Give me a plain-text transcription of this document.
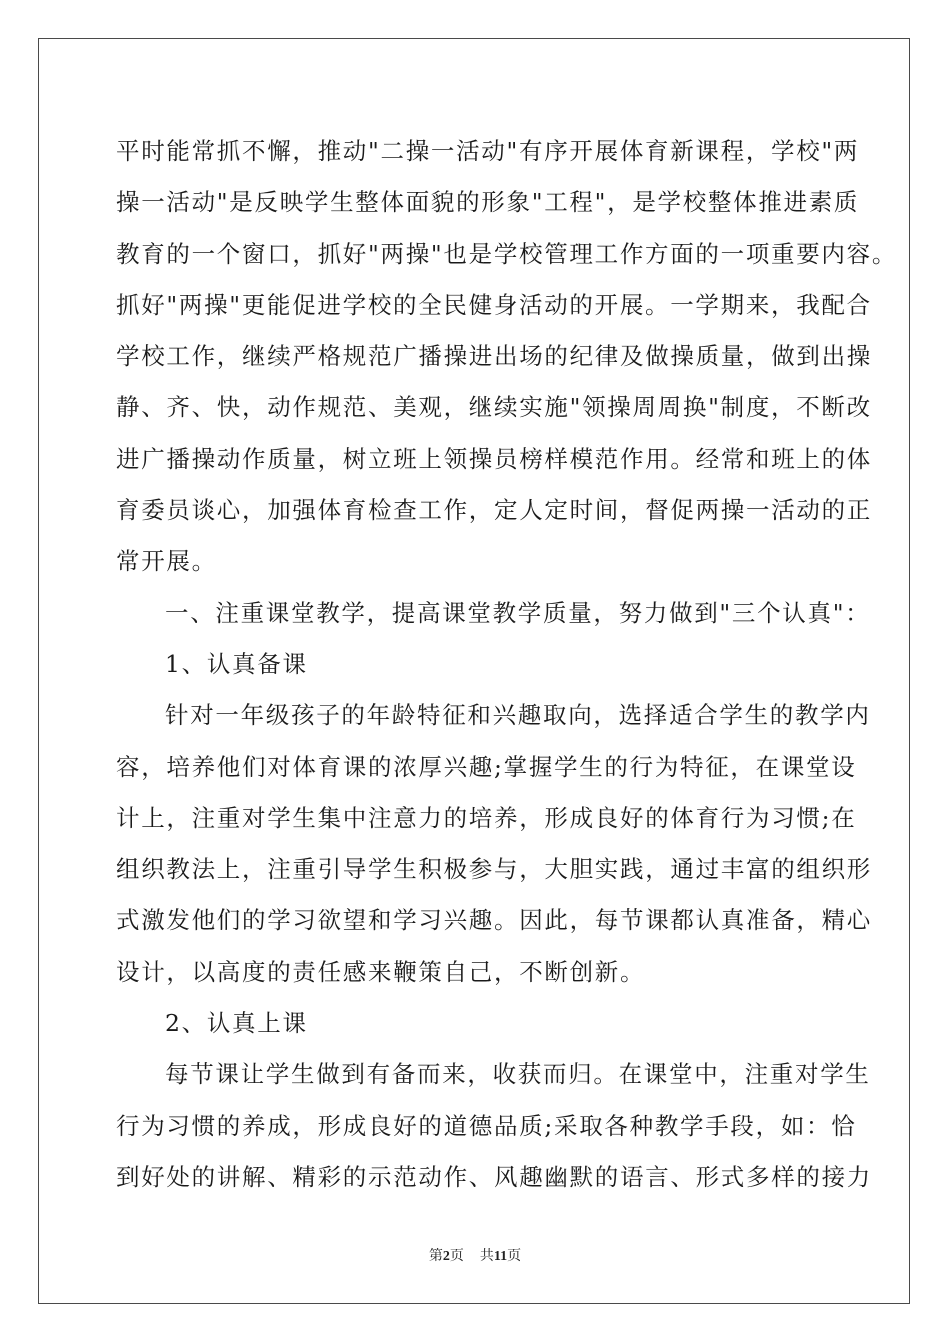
平时能常抓不懈，推动"二操一活动"有序开展体育新课程，学校"两
操一活动"是反映学生整体面貌的形象"工程"，是学校整体推进素质
教育的一个窗口，抓好"两操"也是学校管理工作方面的一项重要内容。
抓好"两操"更能促进学校的全民健身活动的开展。一学期来，我配合
学校工作，继续严格规范广播操进出场的纪律及做操质量，做到出操
静、齐、快，动作规范、美观，继续实施"领操周周换"制度，不断改
进广播操动作质量，树立班上领操员榜样模范作用。经常和班上的体
育委员谈心，加强体育检查工作，定人定时间，督促两操一活动的正
常开展。
一、注重课堂教学，提高课堂教学质量，努力做到"三个认真"：
1、认真备课
针对一年级孩子的年龄特征和兴趣取向，选择适合学生的教学内
容，培养他们对体育课的浓厚兴趣;掌握学生的行为特征，在课堂设
计上，注重对学生集中注意力的培养，形成良好的体育行为习惯;在
组织教法上，注重引导学生积极参与，大胆实践，通过丰富的组织形
式激发他们的学习欲望和学习兴趣。因此，每节课都认真准备，精心
设计，以高度的责任感来鞭策自己，不断创新。
2、认真上课
每节课让学生做到有备而来，收获而归。在课堂中，注重对学生
行为习惯的养成，形成良好的道德品质;采取各种教学手段，如：恰
到好处的讲解、精彩的示范动作、风趣幽默的语言、形式多样的接力
第2页 共11页
